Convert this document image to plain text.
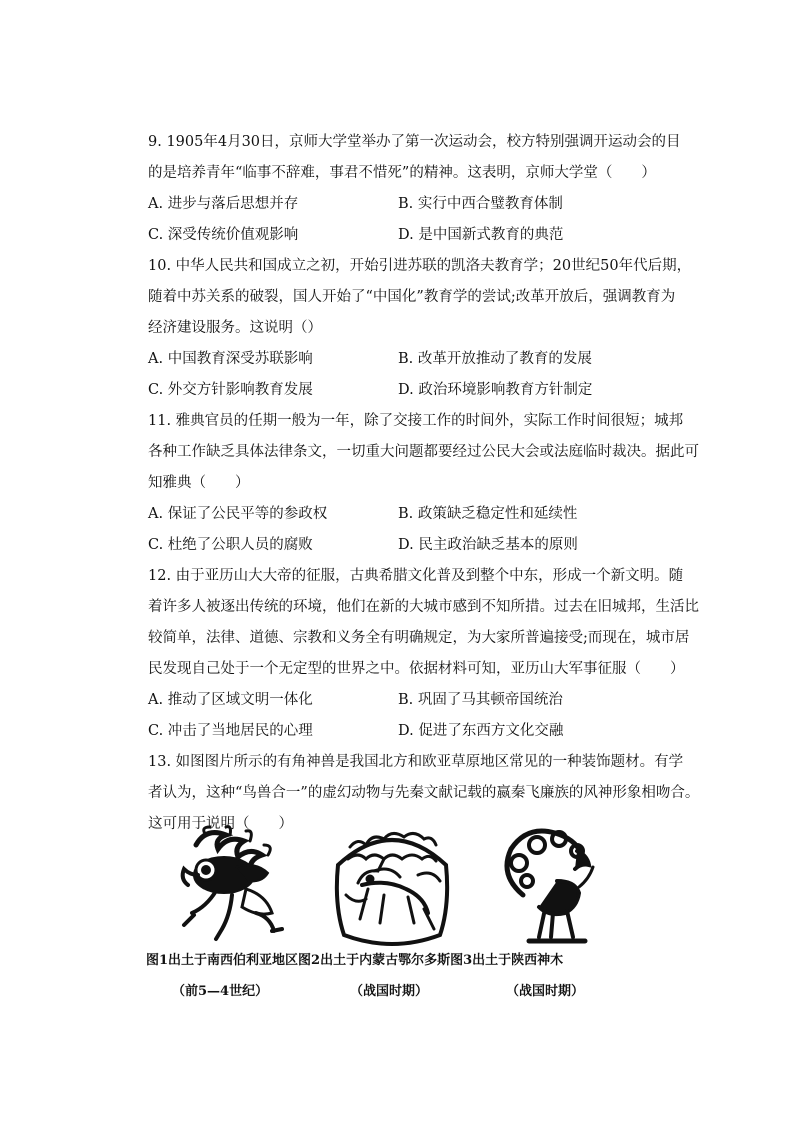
9. 1905年4月30日，京师大学堂举办了第一次运动会，校方特别强调开运动会的目
的是培养青年“临事不辞难，事君不惜死”的精神。这表明，京师大学堂（　　）
A. 进步与落后思想并存	B. 实行中西合璧教育体制
C. 深受传统价值观影响	D. 是中国新式教育的典范
10. 中华人民共和国成立之初，开始引进苏联的凯洛夫教育学；20世纪50年代后期，
随着中苏关系的破裂，国人开始了“中国化”教育学的尝试;改革开放后，强调教育为
经济建设服务。这说明（）
A. 中国教育深受苏联影响	B. 改革开放推动了教育的发展
C. 外交方针影响教育发展	D. 政治环境影响教育方针制定
11. 雅典官员的任期一般为一年，除了交接工作的时间外，实际工作时间很短；城邦
各种工作缺乏具体法律条文，一切重大问题都要经过公民大会或法庭临时裁决。据此可
知雅典（　　）
A. 保证了公民平等的参政权	B. 政策缺乏稳定性和延续性
C. 杜绝了公职人员的腐败	D. 民主政治缺乏基本的原则
12. 由于亚历山大大帝的征服，古典希腊文化普及到整个中东，形成一个新文明。随
着许多人被逐出传统的环境，他们在新的大城市感到不知所措。过去在旧城邦，生活比
较简单，法律、道德、宗教和义务全有明确规定，为大家所普遍接受;而现在，城市居
民发现自己处于一个无定型的世界之中。依据材料可知，亚历山大军事征服（　　）
A. 推动了区域文明一体化	B. 巩固了马其顿帝国统治
C. 冲击了当地居民的心理	D. 促进了东西方文化交融
13. 如图图片所示的有角神兽是我国北方和欧亚草原地区常见的一种装饰题材。有学
者认为，这种“鸟兽合一”的虚幻动物与先秦文献记载的嬴秦飞廉族的风神形象相吻合。
这可用于说明（　　）
图1出土于南西伯利亚地区图2出土于内蒙古鄂尔多斯图3出土于陕西神木
（前5—4世纪）	（战国时期）	（战国时期）
